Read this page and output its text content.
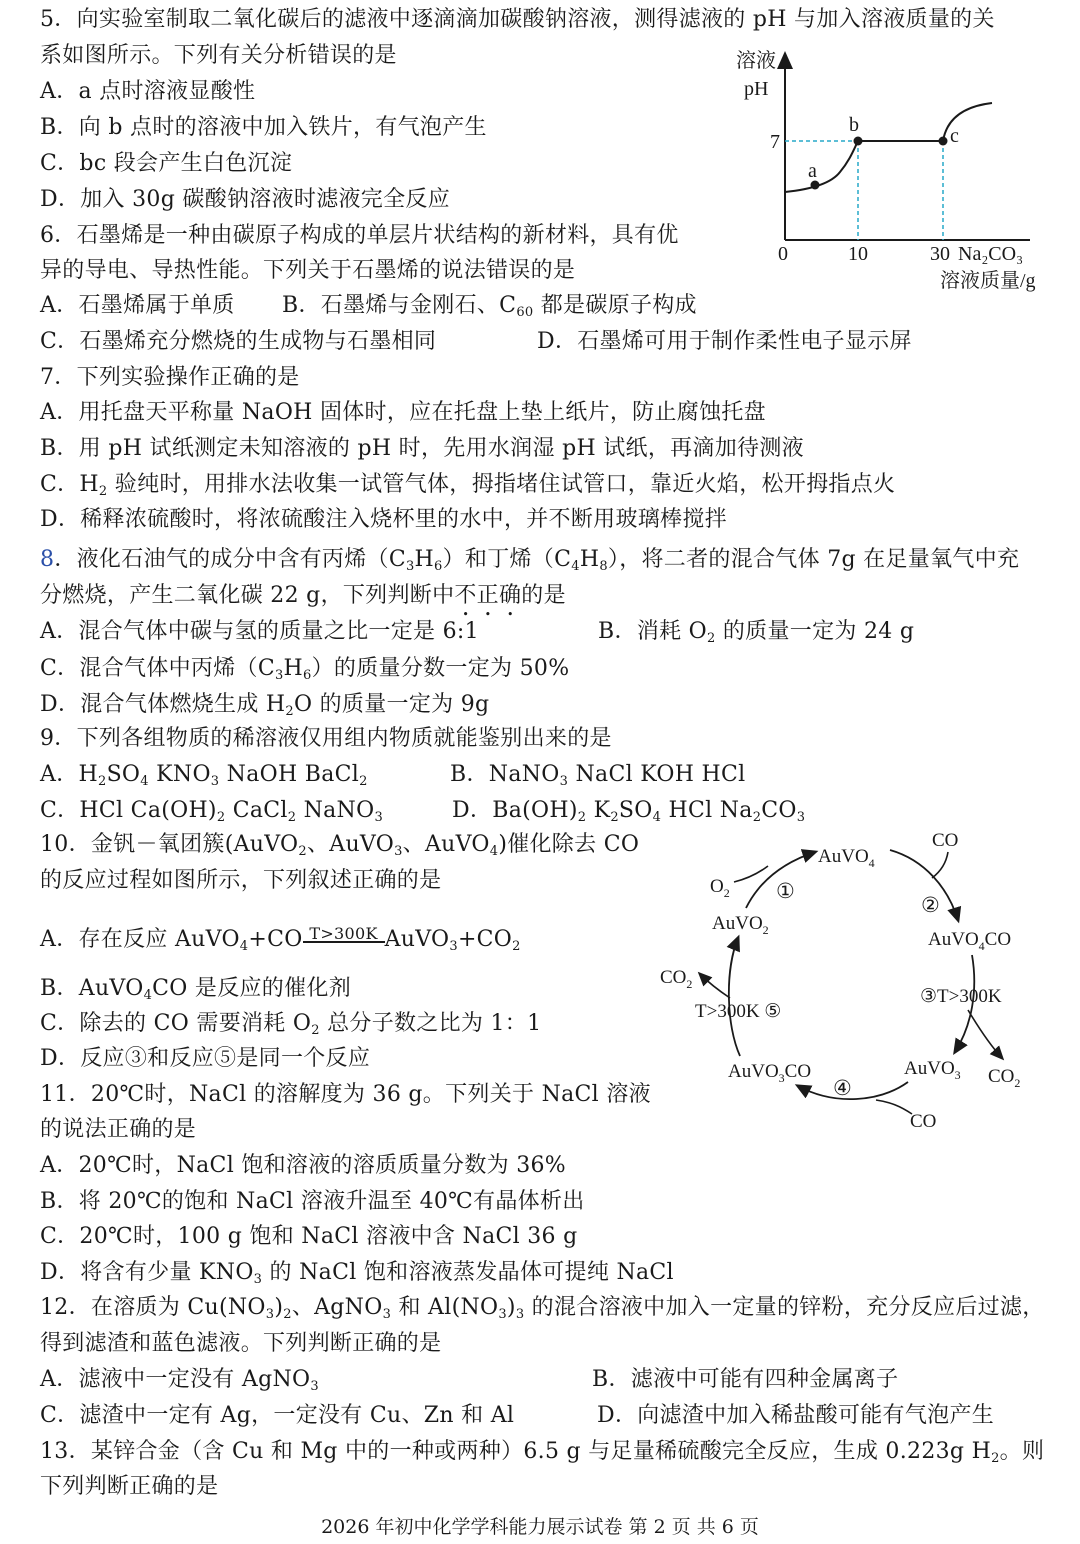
5．向实验室制取二氧化碳后的滤液中逐滴滴加碳酸钠溶液，测得滤液的 pH 与加入溶液质量的关
系如图所示。下列有关分析错误的是
A．a 点时溶液显酸性
B．向 b 点时的溶液中加入铁片，有气泡产生
C．bc 段会产生白色沉淀
D．加入 30g 碳酸钠溶液时滤液完全反应
溶液
pH
a
b	c
7
0	10	30 Na₂CO₃
溶液质量/g
6．石墨烯是一种由碳原子构成的单层片状结构的新材料，具有优
异的导电、导热性能。下列关于石墨烯的说法错误的是
A．石墨烯属于单质 B．石墨烯与金刚石、$C_{60}$ 都是碳原子构成
C．石墨烯充分燃烧的生成物与石墨相同	D．石墨烯可用于制作柔性电子显示屏
7．下列实验操作正确的是
A．用托盘天平称量 NaOH 固体时，应在托盘上垫上纸片，防止腐蚀托盘
B．用 pH 试纸测定未知溶液的 pH 时，先用水润湿 pH 试纸，再滴加待测液
C．$H_2$ 验纯时，用排水法收集一试管气体，拇指堵住试管口，靠近火焰，松开拇指点火
D．稀释浓硫酸时，将浓硫酸注入烧杯里的水中，并不断用玻璃棒搅拌
8．液化石油气的成分中含有丙烯$(C_3H_6)$和丁烯$(C_4H_8)$，将二者的混合气体 7g 在足量氧气中充
分燃烧，产生二氧化碳 22 g，下列判断中不正确的是
A．混合气体中碳与氢的质量之比一定是 6:1	B．消耗 $O_2$ 的质量一定为 24 g
C．混合气体中丙烯$(C_3H_6)$的质量分数一定为 50%
D．混合气体燃烧生成 $H_2O$ 的质量一定为 9g
9．下列各组物质的稀溶液仅用组内物质就能鉴别出来的是
A．$H_2SO_4$ $KNO_3$ NaOH BaCl$_2$	B．NaNO$_3$ NaCl KOH HCl
C．HCl $Ca(OH)_2$ CaCl$_2$ NaNO$_3$	D．$Ba(OH)_2$ $K_2SO_4$ HCl $Na_2CO_3$
10．金钒－氧团簇(AuVO$_2$、AuVO$_3$、AuVO$_4$)催化除去 CO
的反应过程如图所示，下列叙述正确的是
A．存在反应 AuVO$_4$+CO T>300K $AuVO_3+CO_2$
B．AuVO$_4$CO 是反应的催化剂
C．除去的 CO 需要消耗 $O_2$ 总分子数之比为 1：1
D．反应③和反应⑤是同一个反应
AuVO$_4$
CO
$O_2$ ①
②
AuVO$_2$	AuVO$_4$CO
$CO_2$
③T>300K
T>300K ⑤
AuVO$_3$CO	AuVO$_3$ $CO_2$
④
CO
11．20℃时，NaCl 的溶解度为 36 g。下列关于 NaCl 溶液
的说法正确的是
A．20℃时，NaCl 饱和溶液的溶质质量分数为 36%
B．将 20℃的饱和 NaCl 溶液升温至 40℃有晶体析出
C．20℃时，100 g 饱和 NaCl 溶液中含 NaCl 36 g
D．将含有少量 $KNO_3$ 的 NaCl 饱和溶液蒸发晶体可提纯 NaCl
12．在溶质为 $Cu(NO_3)_2$、AgNO$_3$ 和 $Al(NO_3)_3$ 的混合溶液中加入一定量的锌粉，充分反应后过滤，
得到滤渣和蓝色滤液。下列判断正确的是
A．滤液中一定没有 AgNO$_3$	B．滤液中可能有四种金属离子
C．滤渣中一定有 Ag，一定没有 Cu、Zn 和 Al	D．向滤渣中加入稀盐酸可能有气泡产生
13．某锌合金（含 Cu 和 Mg 中的一种或两种）6.5 g 与足量稀硫酸完全反应，生成 0.223g $H_2$。则
下列判断正确的是
2026 年初中化学学科能力展示试卷 第 2 页 共 6 页
